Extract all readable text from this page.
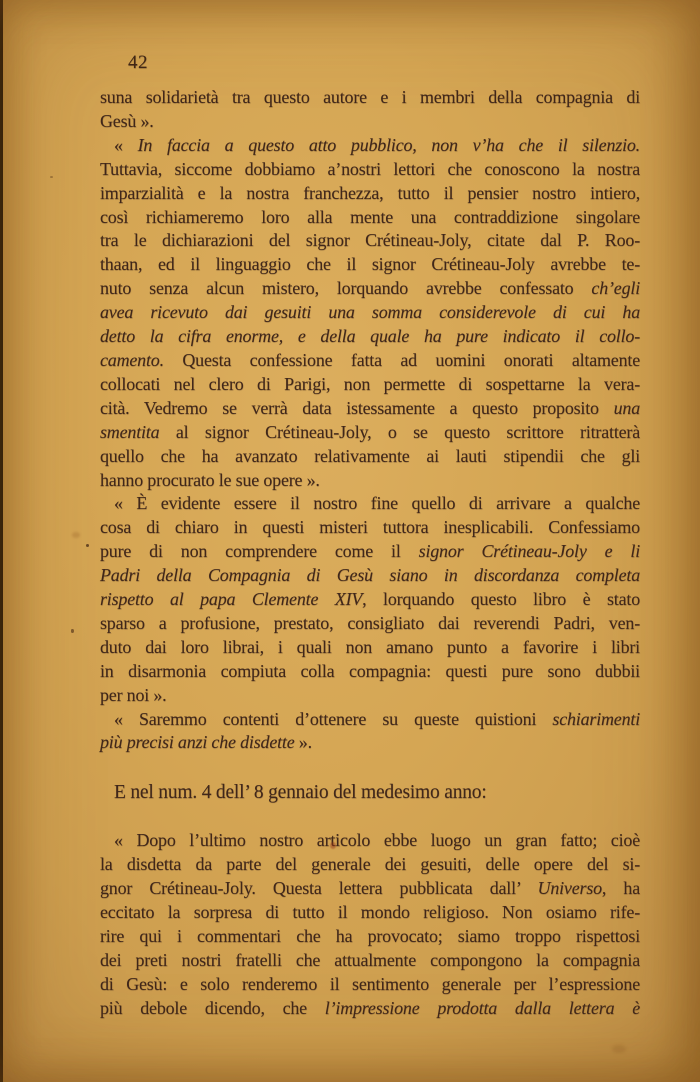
42
suna solidarietà tra questo autore e i membri della compagnia di
Gesù ».
« In faccia a questo atto pubblico, non v’ha che il silenzio.
Tuttavia, siccome dobbiamo a’nostri lettori che conoscono la nostra
imparzialità e la nostra franchezza, tutto il pensier nostro intiero,
così richiameremo loro alla mente una contraddizione singolare
tra le dichiarazioni del signor Crétineau-Joly, citate dal P. Roo-
thaan, ed il linguaggio che il signor Crétineau-Joly avrebbe te-
nuto senza alcun mistero, lorquando avrebbe confessato ch’egli
avea ricevuto dai gesuiti una somma considerevole di cui ha
detto la cifra enorme, e della quale ha pure indicato il collo-
camento. Questa confessione fatta ad uomini onorati altamente
collocati nel clero di Parigi, non permette di sospettarne la vera-
cità. Vedremo se verrà data istessamente a questo proposito una
smentita al signor Crétineau-Joly, o se questo scrittore ritratterà
quello che ha avanzato relativamente ai lauti stipendii che gli
hanno procurato le sue opere ».
« È evidente essere il nostro fine quello di arrivare a qualche
cosa di chiaro in questi misteri tuttora inesplicabili. Confessiamo
pure di non comprendere come il signor Crétineau-Joly e li
Padri della Compagnia di Gesù siano in discordanza completa
rispetto al papa Clemente XIV, lorquando questo libro è stato
sparso a profusione, prestato, consigliato dai reverendi Padri, ven-
duto dai loro librai, i quali non amano punto a favorire i libri
in disarmonia compiuta colla compagnia: questi pure sono dubbii
per noi ».
« Saremmo contenti d’ottenere su queste quistioni schiarimenti
più precisi anzi che disdette ».
E nel num. 4 dell’ 8 gennaio del medesimo anno:
« Dopo l’ultimo nostro articolo ebbe luogo un gran fatto; cioè
la disdetta da parte del generale dei gesuiti, delle opere del si-
gnor Crétineau-Joly. Questa lettera pubblicata dall’ Universo, ha
eccitato la sorpresa di tutto il mondo religioso. Non osiamo rife-
rire qui i commentari che ha provocato; siamo troppo rispettosi
dei preti nostri fratelli che attualmente compongono la compagnia
di Gesù: e solo renderemo il sentimento generale per l’espressione
più debole dicendo, che l’impressione prodotta dalla lettera è
